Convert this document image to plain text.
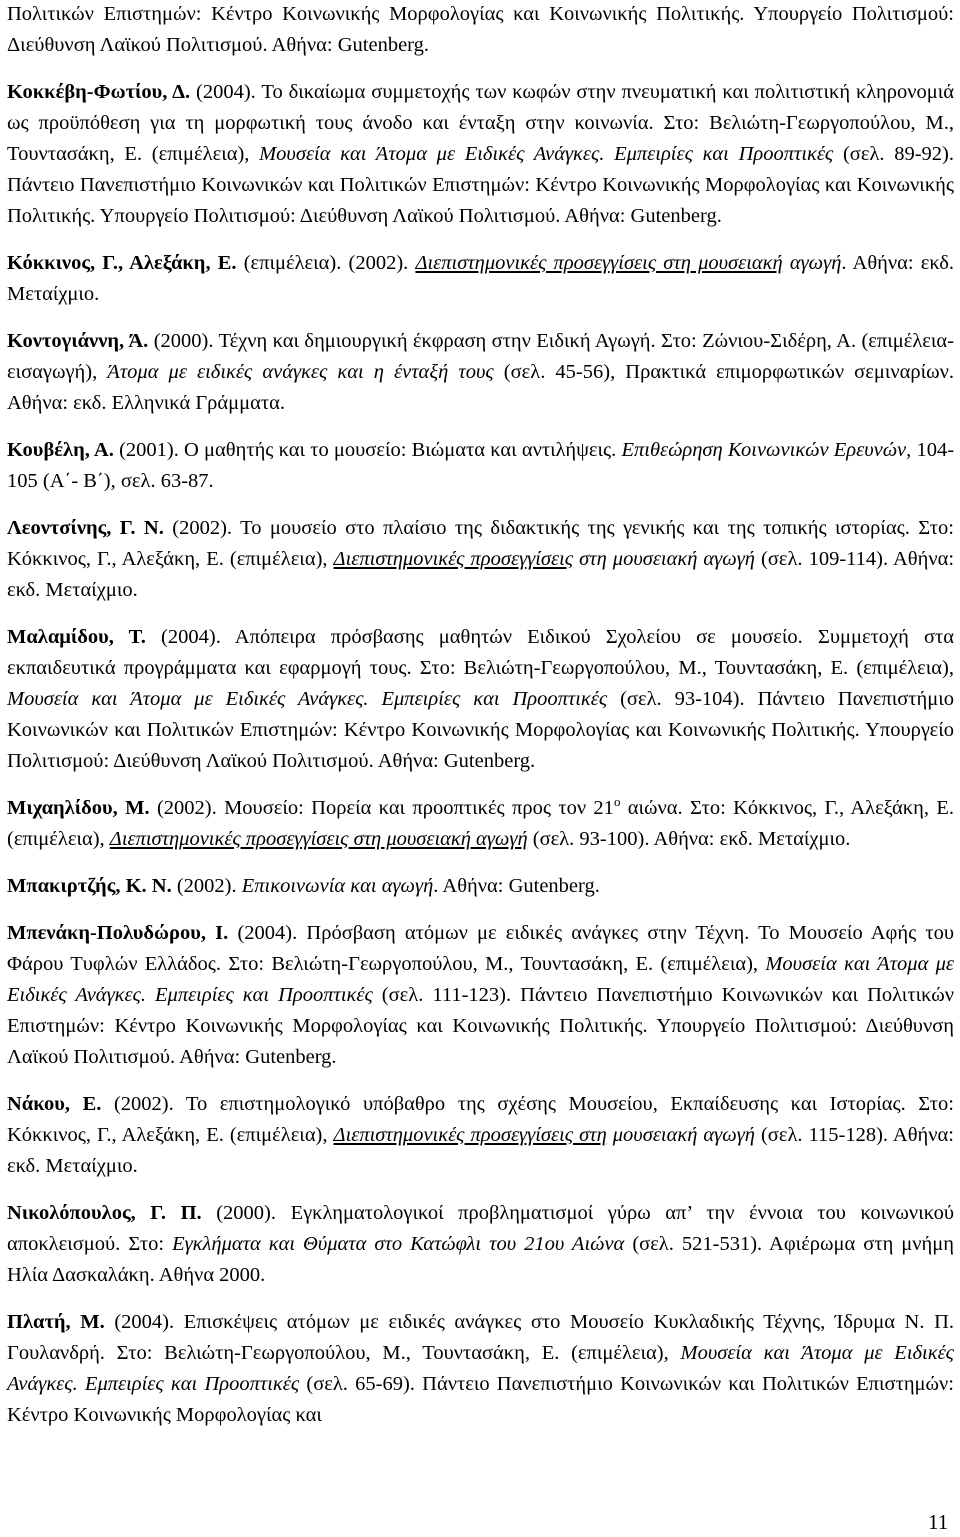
Πολιτικών Επιστημών: Κέντρο Κοινωνικής Μορφολογίας και Κοινωνικής Πολιτικής. Υπουργείο Πολιτισμού: Διεύθυνση Λαϊκού Πολιτισμού. Αθήνα: Gutenberg.

Κοκκέβη-Φωτίου, Δ. (2004). Το δικαίωμα συμμετοχής των κωφών στην πνευματική και πολιτιστική κληρονομιά ως προϋπόθεση για τη μορφωτική τους άνοδο και ένταξη στην κοινωνία. Στο: Βελιώτη-Γεωργοπούλου, Μ., Τουντασάκη, Ε. (επιμέλεια), Μουσεία και Άτομα με Ειδικές Ανάγκες. Εμπειρίες και Προοπτικές (σελ. 89-92). Πάντειο Πανεπιστήμιο Κοινωνικών και Πολιτικών Επιστημών: Κέντρο Κοινωνικής Μορφολογίας και Κοινωνικής Πολιτικής. Υπουργείο Πολιτισμού: Διεύθυνση Λαϊκού Πολιτισμού. Αθήνα: Gutenberg.

Κόκκινος, Γ., Αλεξάκη, Ε. (επιμέλεια). (2002). Διεπιστημονικές προσεγγίσεις στη μουσειακή αγωγή. Αθήνα: εκδ. Μεταίχμιο.

Κοντογιάννη, Ά. (2000). Τέχνη και δημιουργική έκφραση στην Ειδική Αγωγή. Στο: Ζώνιου-Σιδέρη, Α. (επιμέλεια-εισαγωγή), Άτομα με ειδικές ανάγκες και η ένταξή τους (σελ. 45-56), Πρακτικά επιμορφωτικών σεμιναρίων. Αθήνα: εκδ. Ελληνικά Γράμματα.

Κουβέλη, Α. (2001). Ο μαθητής και το μουσείο: Βιώματα και αντιλήψεις. Επιθεώρηση Κοινωνικών Ερευνών, 104-105 (Α΄- Β΄), σελ. 63-87.

Λεοντσίνης, Γ. Ν. (2002). Το μουσείο στο πλαίσιο της διδακτικής της γενικής και της τοπικής ιστορίας. Στο: Κόκκινος, Γ., Αλεξάκη, Ε. (επιμέλεια), Διεπιστημονικές προσεγγίσεις στη μουσειακή αγωγή (σελ. 109-114). Αθήνα: εκδ. Μεταίχμιο.

Μαλαμίδου, Τ. (2004). Απόπειρα πρόσβασης μαθητών Ειδικού Σχολείου σε μουσείο. Συμμετοχή στα εκπαιδευτικά προγράμματα και εφαρμογή τους. Στο: Βελιώτη-Γεωργοπούλου, Μ., Τουντασάκη, Ε. (επιμέλεια), Μουσεία και Άτομα με Ειδικές Ανάγκες. Εμπειρίες και Προοπτικές (σελ. 93-104). Πάντειο Πανεπιστήμιο Κοινωνικών και Πολιτικών Επιστημών: Κέντρο Κοινωνικής Μορφολογίας και Κοινωνικής Πολιτικής. Υπουργείο Πολιτισμού: Διεύθυνση Λαϊκού Πολιτισμού. Αθήνα: Gutenberg.

Μιχαηλίδου, Μ. (2002). Μουσείο: Πορεία και προοπτικές προς τον $21^o$ αιώνα. Στο: Κόκκινος, Γ., Αλεξάκη, Ε. (επιμέλεια), Διεπιστημονικές προσεγγίσεις στη μουσειακή αγωγή (σελ. 93-100). Αθήνα: εκδ. Μεταίχμιο.

Μπακιρτζής, Κ. Ν. (2002). Επικοινωνία και αγωγή. Αθήνα: Gutenberg.

Μπενάκη-Πολυδώρου, Ι. (2004). Πρόσβαση ατόμων με ειδικές ανάγκες στην Τέχνη. Το Μουσείο Αφής του Φάρου Τυφλών Ελλάδος. Στο: Βελιώτη-Γεωργοπούλου, Μ., Τουντασάκη, Ε. (επιμέλεια), Μουσεία και Άτομα με Ειδικές Ανάγκες. Εμπειρίες και Προοπτικές (σελ. 111-123). Πάντειο Πανεπιστήμιο Κοινωνικών και Πολιτικών Επιστημών: Κέντρο Κοινωνικής Μορφολογίας και Κοινωνικής Πολιτικής. Υπουργείο Πολιτισμού: Διεύθυνση Λαϊκού Πολιτισμού. Αθήνα: Gutenberg.

Νάκου, Ε. (2002). Το επιστημολογικό υπόβαθρο της σχέσης Μουσείου, Εκπαίδευσης και Ιστορίας. Στο: Κόκκινος, Γ., Αλεξάκη, Ε. (επιμέλεια), Διεπιστημονικές προσεγγίσεις στη μουσειακή αγωγή (σελ. 115-128). Αθήνα: εκδ. Μεταίχμιο.

Νικολόπουλος, Γ. Π. (2000). Εγκληματολογικοί προβληματισμοί γύρω απ’ την έννοια του κοινωνικού αποκλεισμού. Στο: Εγκλήματα και Θύματα στο Κατώφλι του 21ου Αιώνα (σελ. 521-531). Αφιέρωμα στη μνήμη Ηλία Δασκαλάκη. Αθήνα 2000.

Πλατή, Μ. (2004). Επισκέψεις ατόμων με ειδικές ανάγκες στο Μουσείο Κυκλαδικής Τέχνης, Ίδρυμα Ν. Π. Γουλανδρή. Στο: Βελιώτη-Γεωργοπούλου, Μ., Τουντασάκη, Ε. (επιμέλεια), Μουσεία και Άτομα με Ειδικές Ανάγκες. Εμπειρίες και Προοπτικές (σελ. 65-69). Πάντειο Πανεπιστήμιο Κοινωνικών και Πολιτικών Επιστημών: Κέντρο Κοινωνικής Μορφολογίας και

11
